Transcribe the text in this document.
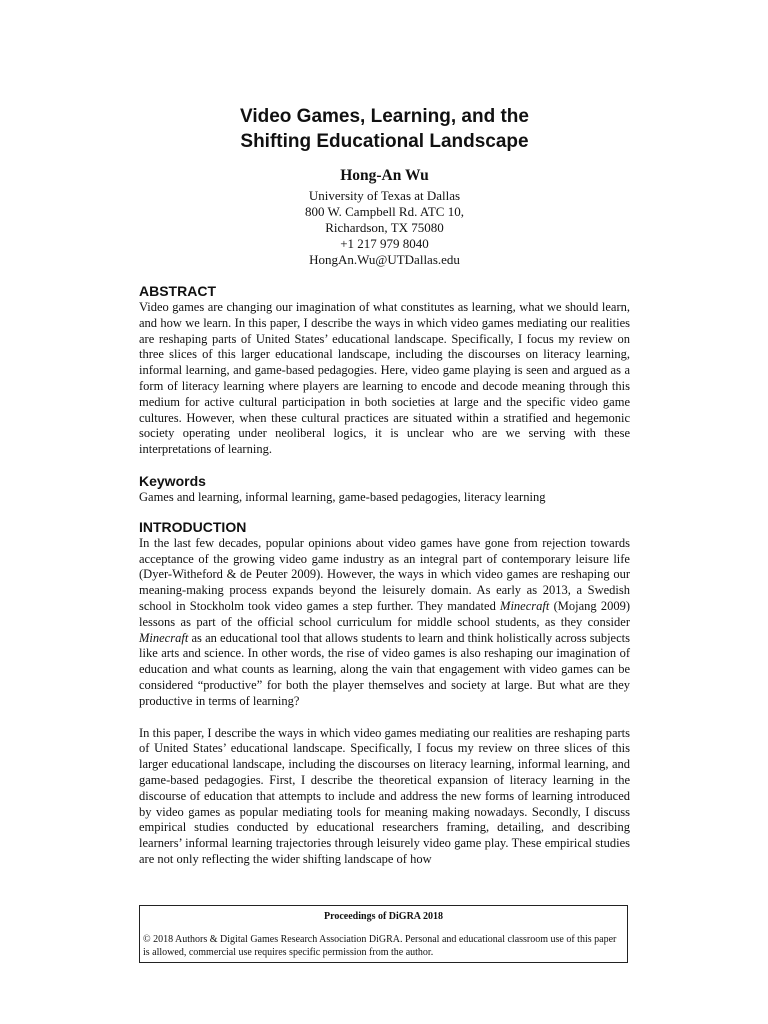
Video Games, Learning, and the
Shifting Educational Landscape
Hong-An Wu
University of Texas at Dallas
800 W. Campbell Rd. ATC 10,
Richardson, TX 75080
+1 217 979 8040
HongAn.Wu@UTDallas.edu
ABSTRACT

Video games are changing our imagination of what constitutes as learning, what we should learn, and how we learn. In this paper, I describe the ways in which video games mediating our realities are reshaping parts of United States’ educational landscape. Specifically, I focus my review on three slices of this larger educational landscape, including the discourses on literacy learning, informal learning, and game-based pedagogies. Here, video game playing is seen and argued as a form of literacy learning where players are learning to encode and decode meaning through this medium for active cultural participation in both societies at large and the specific video game cultures. However, when these cultural practices are situated within a stratified and hegemonic society operating under neoliberal logics, it is unclear who are we serving with these interpretations of learning.

Keywords

Games and learning, informal learning, game-based pedagogies, literacy learning

INTRODUCTION

In the last few decades, popular opinions about video games have gone from rejection towards acceptance of the growing video game industry as an integral part of contemporary leisure life (Dyer-Witheford & de Peuter 2009). However, the ways in which video games are reshaping our meaning-making process expands beyond the leisurely domain. As early as 2013, a Swedish school in Stockholm took video games a step further. They mandated Minecraft (Mojang 2009) lessons as part of the official school curriculum for middle school students, as they consider Minecraft as an educational tool that allows students to learn and think holistically across subjects like arts and science. In other words, the rise of video games is also reshaping our imagination of education and what counts as learning, along the vain that engagement with video games can be considered “productive” for both the player themselves and society at large. But what are they productive in terms of learning?

In this paper, I describe the ways in which video games mediating our realities are reshaping parts of United States’ educational landscape. Specifically, I focus my review on three slices of this larger educational landscape, including the discourses on literacy learning, informal learning, and game-based pedagogies. First, I describe the theoretical expansion of literacy learning in the discourse of education that attempts to include and address the new forms of learning introduced by video games as popular mediating tools for meaning making nowadays. Secondly, I discuss empirical studies conducted by educational researchers framing, detailing, and describing learners’ informal learning trajectories through leisurely video game play. These empirical studies are not only reflecting the wider shifting landscape of how

Proceedings of DiGRA 2018
© 2018 Authors & Digital Games Research Association DiGRA. Personal and educational classroom use of this paper is allowed, commercial use requires specific permission from the author.
